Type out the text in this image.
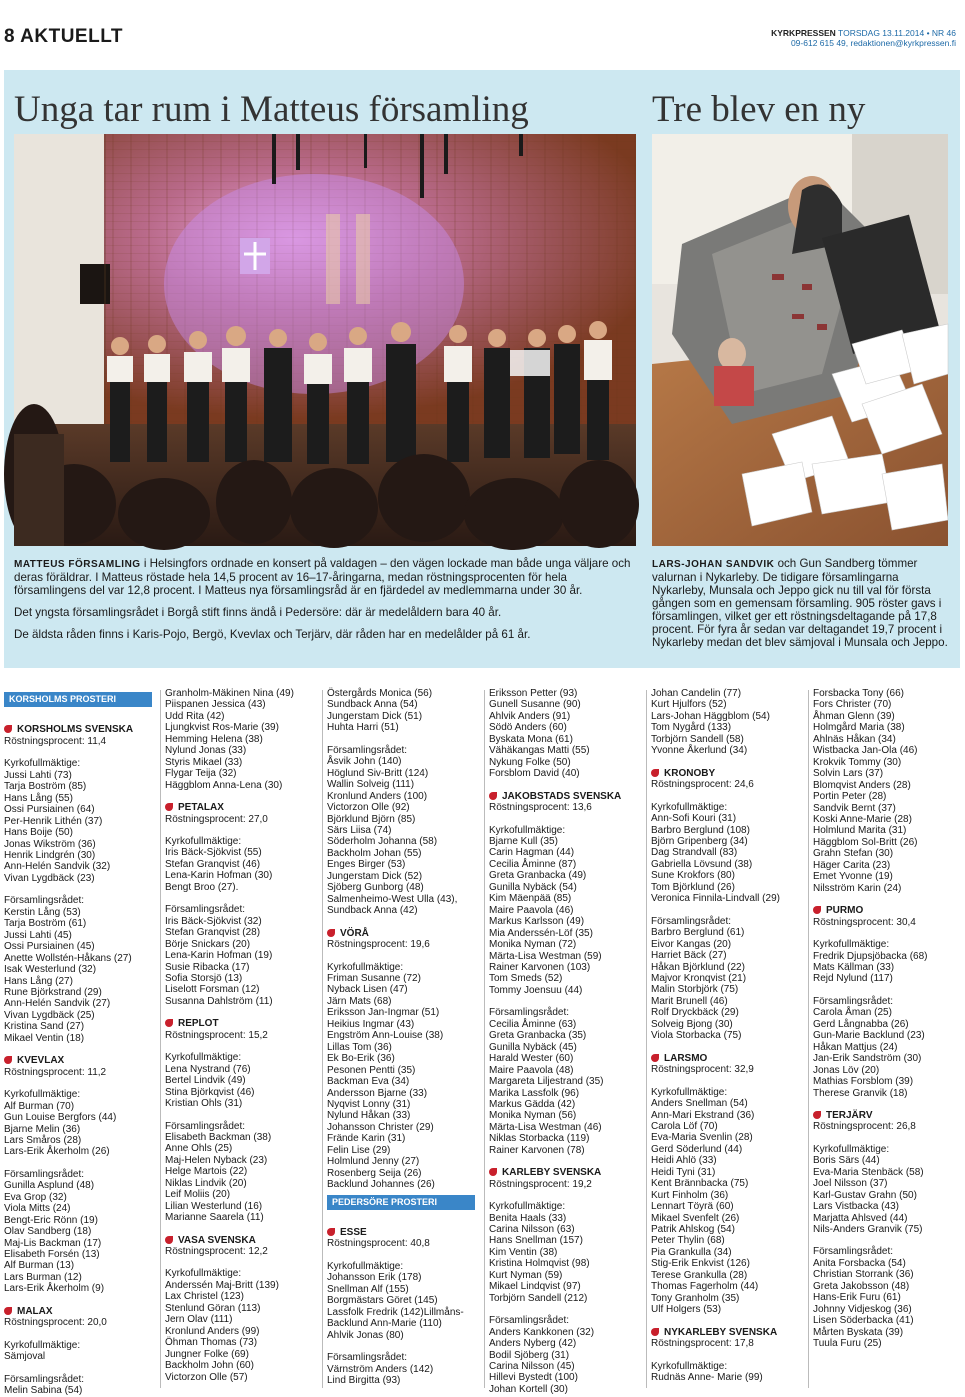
8 AKTUELLT	KYRKPRESSEN TORSDAG 13.11.2014 • NR 46
09-612 615 49, redaktionen@kyrkpressen.fi
Unga tar rum i Matteus församling	Tre blev en ny

MATTEUS FÖRSAMLING i Helsingfors ordnade en konsert på valdagen – den vägen lockade man både unga väljare och deras föräldrar. I Matteus röstade hela 14,5 procent av 16–17-åringarna, medan röstningsprocenten för hela församlingens del var 12,8 procent. I Matteus nya församlingsråd är en fjärdedel av medlemmarna under 30 år.

Det yngsta församlingsrådet i Borgå stift finns ändå i Pedersöre: där är medelåldern bara 40 år.

De äldsta råden finns i Karis-Pojo, Bergö, Kvevlax och Terjärv, där råden har en medelålder på 61 år.

LARS-JOHAN SANDVIK och Gun Sandberg tömmer valurnan i Nykarleby. De tidigare församlingarna Nykarleby, Munsala och Jeppo gick nu till val för första gången som en gemensam församling. 905 röster gavs i församlingen, vilket ger ett röstningsdeltagande på 17,8 procent. För fyra år sedan var deltagandet 19,7 procent i Nykarleby medan det blev sämjoval i Munsala och Jeppo.

KORSHOLMS PROSTERI
KORSHOLMS SVENSKA
Röstningsprocent: 11,4
Kyrkofullmäktige:
Jussi Lahti (73)
Tarja Boström (85)
Hans Lång (55)
Ossi Pursiainen (64)
Per-Henrik Lithén (37)
Hans Boije (50)
Jonas Wikström (36)
Henrik Lindgrén (30)
Ann-Helén Sandvik (32)
Vivan Lygdbäck (23)
Församlingsrådet:
Kerstin Lång (53)
Tarja Boström (61)
Jussi Lahti (45)
Ossi Pursiainen (45)
Anette Wollstén-Håkans (27)
Isak Westerlund (32)
Hans Lång (27)
Rune Björkstrand (29)
Ann-Helén Sandvik (27)
Vivan Lygdbäck (25)
Kristina Sand (27)
Mikael Ventin (18)
KVEVLAX
Röstningsprocent: 11,2
Kyrkofullmäktige:
Alf Burman (70)
Gun Louise Bergfors (44)
Bjarne Melin (36)
Lars Småros (28)
Lars-Erik Åkerholm (26)
Församlingsrådet:
Gunilla Asplund (48)
Eva Grop (32)
Viola Mitts (24)
Bengt-Eric Rönn (19)
Olav Sandberg (18)
Maj-Lis Backman (17)
Elisabeth Forsén (13)
Alf Burman (13)
Lars Burman (12)
Lars-Erik Åkerholm (9)
MALAX
Röstningsprocent: 20,0
Kyrkofullmäktige:
Sämjoval
Församlingsrådet:
Melin Sabina (54)
Granholm-Mäkinen Nina (49)
Piispanen Jessica (43)
Udd Rita (42)
Ljungkvist Ros-Marie (39)
Hemming Helena (38)
Nylund Jonas (33)
Styris Mikael (33)
Flygar Teija (32)
Häggblom Anna-Lena (30)
PETALAX
Röstningsprocent: 27,0
Kyrkofullmäktige:
Iris Bäck-Sjökvist (55)
Stefan Granqvist (46)
Lena-Karin Hofman (30)
Bengt Broo (27).
Församlingsrådet:
Iris Bäck-Sjökvist (32)
Stefan Granqvist (28)
Börje Snickars (20)
Lena-Karin Hofman (19)
Susie Ribacka (17)
Sofia Storsjö (13)
Liselott Forsman (12)
Susanna Dahlström (11)
REPLOT
Röstningsprocent: 15,2
Kyrkofullmäktige:
Lena Nystrand (76)
Bertel Lindvik (49)
Stina Björkqvist (46)
Kristian Ohls (31)
Församlingsrådet:
Elisabeth Backman (38)
Anne Ohls (25)
Maj-Helen Nyback (23)
Helge Martois (22)
Niklas Lindvik (20)
Leif Moliis (20)
Lilian Westerlund (16)
Marianne Saarela (11)
VASA SVENSKA
Röstningsprocent: 12,2
Kyrkofullmäktige:
Anderssén Maj-Britt (139)
Lax Christel (123)
Stenlund Göran (113)
Jern Olav (111)
Kronlund Anders (99)
Öhman Thomas (73)
Jungner Folke (69)
Backholm John (60)
Victorzon Olle (57)
Östergårds Monica (56)
Sundback Anna (54)
Jungerstam Dick (51)
Huhta Harri (51)
Församlingsrådet:
Åsvik John (140)
Höglund Siv-Britt (124)
Wallin Solveig (111)
Kronlund Anders (100)
Victorzon Olle (92)
Björklund Björn (85)
Särs Liisa (74)
Söderholm Johanna (58)
Backholm Johan (55)
Enges Birger (53)
Jungerstam Dick (52)
Sjöberg Gunborg (48)
Salmenheimo-West Ulla (43),
Sundback Anna (42)
VÖRÅ
Röstningsprocent: 19,6
Kyrkofullmäktige:
Friman Susanne (72)
Nyback Lisen (47)
Järn Mats (68)
Eriksson Jan-Ingmar (51)
Heikius Ingmar (43)
Engström Ann-Louise (38)
Lillas Tom (36)
Ek Bo-Erik (36)
Pesonen Pentti (35)
Backman Eva (34)
Andersson Bjarne (33)
Nyqvist Lonny (31)
Nylund Håkan (33)
Johansson Christer (29)
Frände Karin (31)
Felin Lise (29)
Holmlund Jenny (27)
Rosenberg Seija (26)
Backlund Johannes (26)
PEDERSÖRE PROSTERI
ESSE
Röstningsprocent: 40,8
Kyrkofullmäktige:
Johansson Erik (178)
Snellman Alf (155)
Borgmästars Göret (145)
Lassfolk Fredrik (142)Lillmåns-
Backlund Ann-Marie (110)
Ahlvik Jonas (80)
Församlingsrådet:
Värnström Anders (142)
Lind Birgitta (93)
Eriksson Petter (93)
Gunell Susanne (90)
Ahlvik Anders (91)
Södö Anders (60)
Byskata Mona (61)
Vähäkangas Matti (55)
Nykung Folke (50)
Forsblom David (40)
JAKOBSTADS SVENSKA
Röstningsprocent: 13,6
Kyrkofullmäktige:
Bjarne Kull (35)
Carin Hagman (44)
Cecilia Åminne (87)
Greta Granbacka (49)
Gunilla Nybäck (54)
Kim Mäenpää (85)
Maire Paavola (46)
Markus Karlsson (49)
Mia Anderssén-Löf (35)
Monika Nyman (72)
Märta-Lisa Westman (59)
Rainer Karvonen (103)
Tom Smeds (52)
Tommy Joensuu (44)
Församlingsrådet:
Cecilia Åminne (63)
Greta Granbacka (35)
Gunilla Nybäck (45)
Harald Wester (60)
Maire Paavola (48)
Margareta Liljestrand (35)
Marika Lassfolk (96)
Markus Gädda (42)
Monika Nyman (56)
Märta-Lisa Westman (46)
Niklas Storbacka (119)
Rainer Karvonen (78)
KARLEBY SVENSKA
Röstningsprocent: 19,2
Kyrkofullmäktige:
Benita Haals (33)
Carina Nilsson (63)
Hans Snellman (157)
Kim Ventin (38)
Kristina Holmqvist (98)
Kurt Nyman (59)
Mikael Lindqvist (97)
Torbjörn Sandell (212)
Församlingsrådet:
Anders Kankkonen (32)
Anders Nyberg (42)
Bodil Sjöberg (31)
Carina Nilsson (45)
Hillevi Bystedt (100)
Johan Kortell (30)
Johan Candelin (77)
Kurt Hjulfors (52)
Lars-Johan Häggblom (54)
Tom Nygård (133)
Torbjörn Sandell (58)
Yvonne Åkerlund (34)
KRONOBY
Röstningsprocent: 24,6
Kyrkofullmäktige:
Ann-Sofi Kouri (31)
Barbro Berglund (108)
Björn Gripenberg (34)
Dag Strandvall (83)
Gabriella Lövsund (38)
Sune Krokfors (80)
Tom Björklund (26)
Veronica Finnila-Lindvall (29)
Församlingsrådet:
Barbro Berglund (61)
Eivor Kangas (20)
Harriet Bäck (27)
Håkan Björklund (22)
Majvor Kronqvist (21)
Malin Storbjörk (75)
Marit Brunell (46)
Rolf Dryckbäck (29)
Solveig Bjong (30)
Viola Storbacka (75)
LARSMO
Röstningsprocent: 32,9
Kyrkofullmäktige:
Anders Snellman (54)
Ann-Mari Ekstrand (36)
Carola Löf (70)
Eva-Maria Svenlin (28)
Gerd Söderlund (44)
Heidi Ahlö (33)
Heidi Tyni (31)
Kent Brännbacka (75)
Kurt Finholm (36)
Lennart Töyrä (60)
Mikael Svenfelt (26)
Patrik Ahlskog (54)
Peter Thylin (68)
Pia Grankulla (34)
Stig-Erik Enkvist (126)
Terese Grankulla (28)
Thomas Fagerholm (44)
Tony Granholm (35)
Ulf Holgers (53)
NYKARLEBY SVENSKA
Röstningsprocent: 17,8
Kyrkofullmäktige:
Rudnäs Anne- Marie (99)
Forsbacka Tony (66)
Fors Christer (70)
Åhman Glenn (39)
Holmgård Maria (38)
Ahlnäs Håkan (34)
Wistbacka Jan-Ola (46)
Krokvik Tommy (30)
Solvin Lars (37)
Blomqvist Anders (28)
Portin Peter (28)
Sandvik Bernt (37)
Koski Anne-Marie (28)
Holmlund Marita (31)
Häggblom Sol-Britt (26)
Grahn Stefan (30)
Häger Carita (23)
Emet Yvonne (19)
Nilsström Karin (24)
PURMO
Röstningsprocent: 30,4
Kyrkofullmäktige:
Fredrik Djupsjöbacka (68)
Mats Källman (33)
Rejd Nylund (117)
Församlingsrådet:
Carola Åman (25)
Gerd Långnabba (26)
Gun-Marie Backlund (23)
Håkan Mattjus (24)
Jan-Erik Sandström (30)
Jonas Löv (20)
Mathias Forsblom (39)
Therese Granvik (18)
TERJÄRV
Röstningsprocent: 26,8
Kyrkofullmäktige:
Boris Särs (44)
Eva-Maria Stenbäck (58)
Joel Nilsson (37)
Karl-Gustav Grahn (50)
Lars Vistbacka (43)
Marjatta Ahlsved (44)
Nils-Anders Granvik (75)
Församlingsrådet:
Anita Forsbacka (54)
Christian Storrank (36)
Greta Jakobsson (48)
Hans-Erik Furu (61)
Johnny Vidjeskog (36)
Lisen Söderbacka (41)
Mårten Byskata (39)
Tuula Furu (25)
